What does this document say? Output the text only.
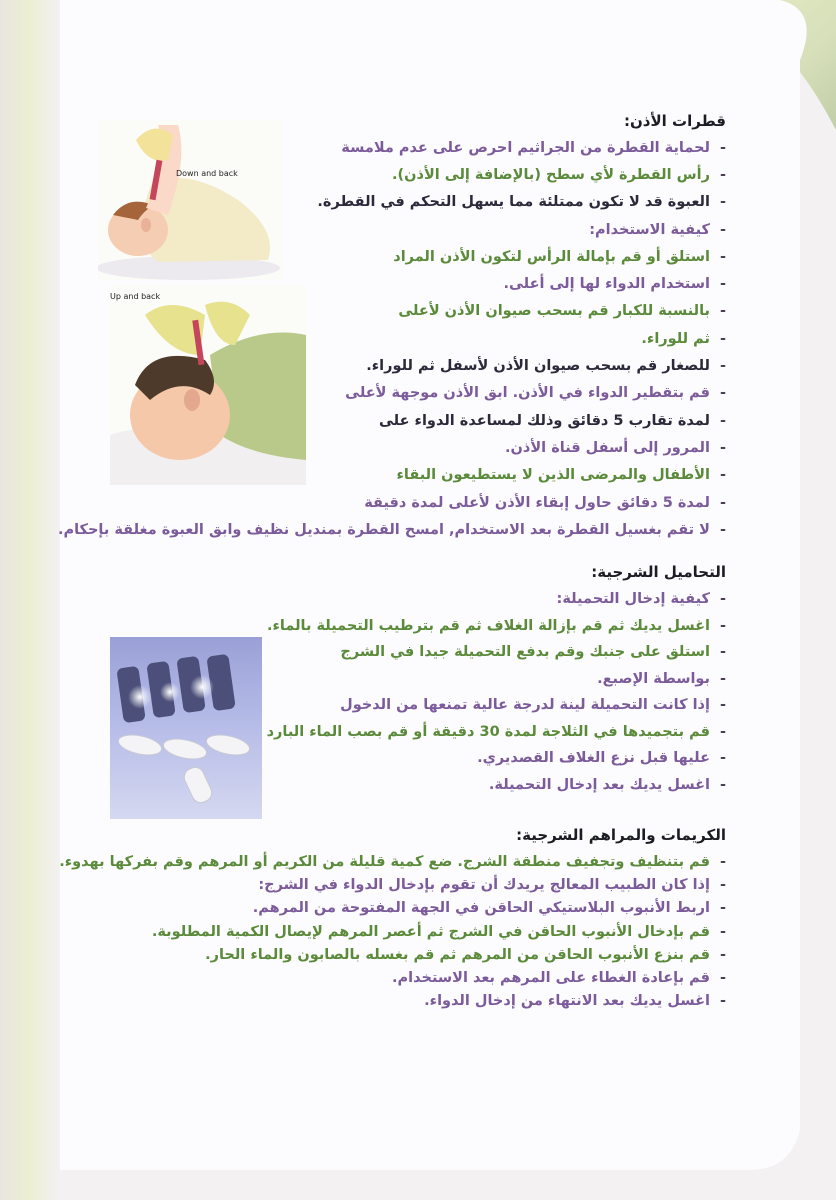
Down and back
Up and back
قطرات الأذن:
-
لحماية القطرة من الجراثيم احرص على عدم ملامسة
-
رأس القطرة لأي سطح (بالإضافة إلى الأذن).
-
العبوة قد لا تكون ممتلئة مما يسهل التحكم في القطرة.
-
كيفية الاستخدام:
-
استلق أو قم بإمالة الرأس لتكون الأذن المراد
-
استخدام الدواء لها إلى أعلى.
-
بالنسبة للكبار قم بسحب صيوان الأذن لأعلى
-
ثم للوراء.
-
للصغار قم بسحب صيوان الأذن لأسفل ثم للوراء.
-
قم بتقطير الدواء في الأذن. ابق الأذن موجهة لأعلى
-
لمدة تقارب 5 دقائق وذلك لمساعدة الدواء على
-
المرور إلى أسفل قناة الأذن.
-
الأطفال والمرضى الذين لا يستطيعون البقاء
-
لمدة 5 دقائق حاول إبقاء الأذن لأعلى لمدة دقيقة
-
لا تقم بغسيل القطرة بعد الاستخدام, امسح القطرة بمنديل نظيف وابق العبوة مغلقة بإحكام.
التحاميل الشرجية:
-
كيفية إدخال التحميلة:
-
اغسل يديك ثم قم بإزالة الغلاف ثم قم بترطيب التحميلة بالماء.
-
استلق على جنبك وقم بدفع التحميلة جيدا في الشرج
-
بواسطة الإصبع.
-
إذا كانت التحميلة لينة لدرجة عالية تمنعها من الدخول
-
قم بتجميدها في الثلاجة لمدة 30 دقيقة أو قم بصب الماء البارد
-
عليها قبل نزع الغلاف القصديري.
-
اغسل يديك بعد إدخال التحميلة.
الكريمات والمراهم الشرجية:
-
قم بتنظيف وتجفيف منطقة الشرج. ضع كمية قليلة من الكريم أو المرهم وقم بفركها بهدوء.
-
إذا كان الطبيب المعالج يريدك أن تقوم بإدخال الدواء في الشرج:
-
اربط الأنبوب البلاستيكي الحاقن في الجهة المفتوحة من المرهم.
-
قم بإدخال الأنبوب الحاقن في الشرج ثم أعصر المرهم لإيصال الكمية المطلوبة.
-
قم بنزع الأنبوب الحاقن من المرهم ثم قم بغسله بالصابون والماء الحار.
-
قم بإعادة الغطاء على المرهم بعد الاستخدام.
-
اغسل يديك بعد الانتهاء من إدخال الدواء.
